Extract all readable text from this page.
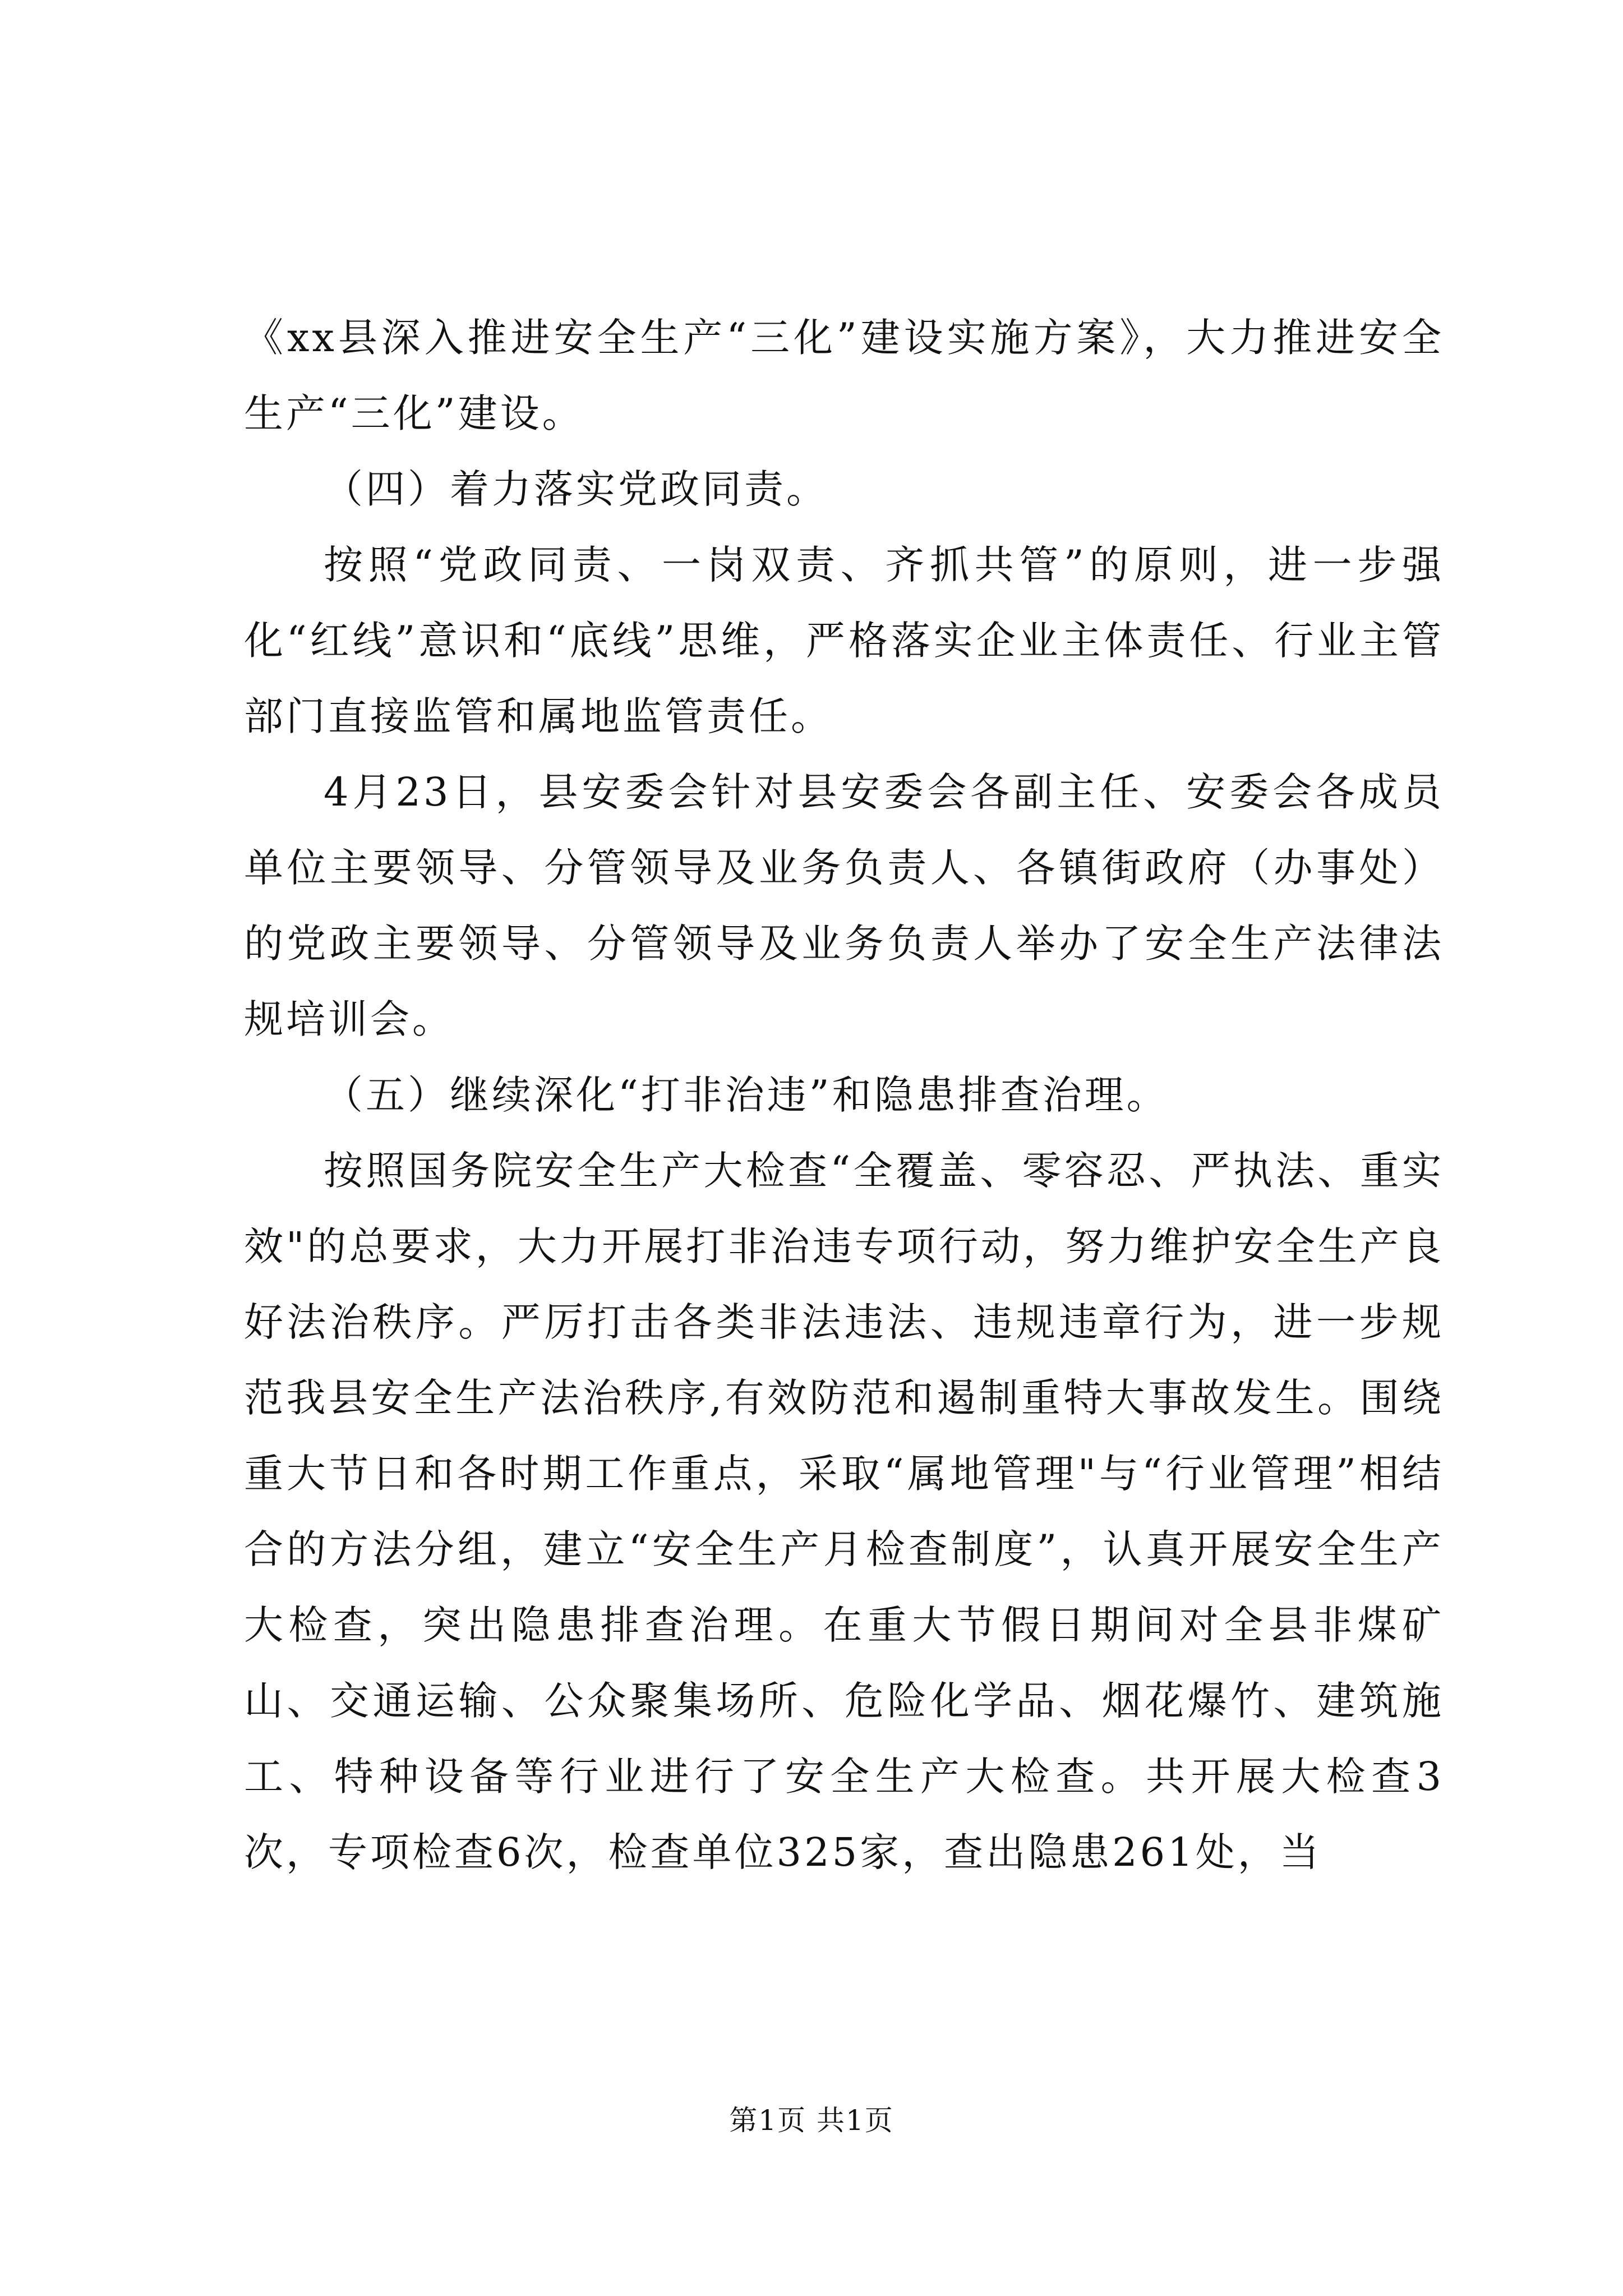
《xx县深入推进安全生产“三化”建设实施方案》，大力推进安全生产“三化”建设。

（四）着力落实党政同责。

按照“党政同责、一岗双责、齐抓共管”的原则，进一步强化“红线”意识和“底线”思维，严格落实企业主体责任、行业主管部门直接监管和属地监管责任。

4月23日，县安委会针对县安委会各副主任、安委会各成员单位主要领导、分管领导及业务负责人、各镇街政府（办事处）的党政主要领导、分管领导及业务负责人举办了安全生产法律法规培训会。

（五）继续深化“打非治违”和隐患排查治理。

按照国务院安全生产大检查“全覆盖、零容忍、严执法、重实效"的总要求，大力开展打非治违专项行动，努力维护安全生产良好法治秩序。严厉打击各类非法违法、违规违章行为，进一步规范我县安全生产法治秩序,有效防范和遏制重特大事故发生。围绕重大节日和各时期工作重点，采取“属地管理"与“行业管理”相结合的方法分组，建立“安全生产月检查制度”，认真开展安全生产大检查，突出隐患排查治理。在重大节假日期间对全县非煤矿山、交通运输、公众聚集场所、危险化学品、烟花爆竹、建筑施工、特种设备等行业进行了安全生产大检查。共开展大检查3次，专项检查6次，检查单位325家，查出隐患261处，当

第1页 共1页
